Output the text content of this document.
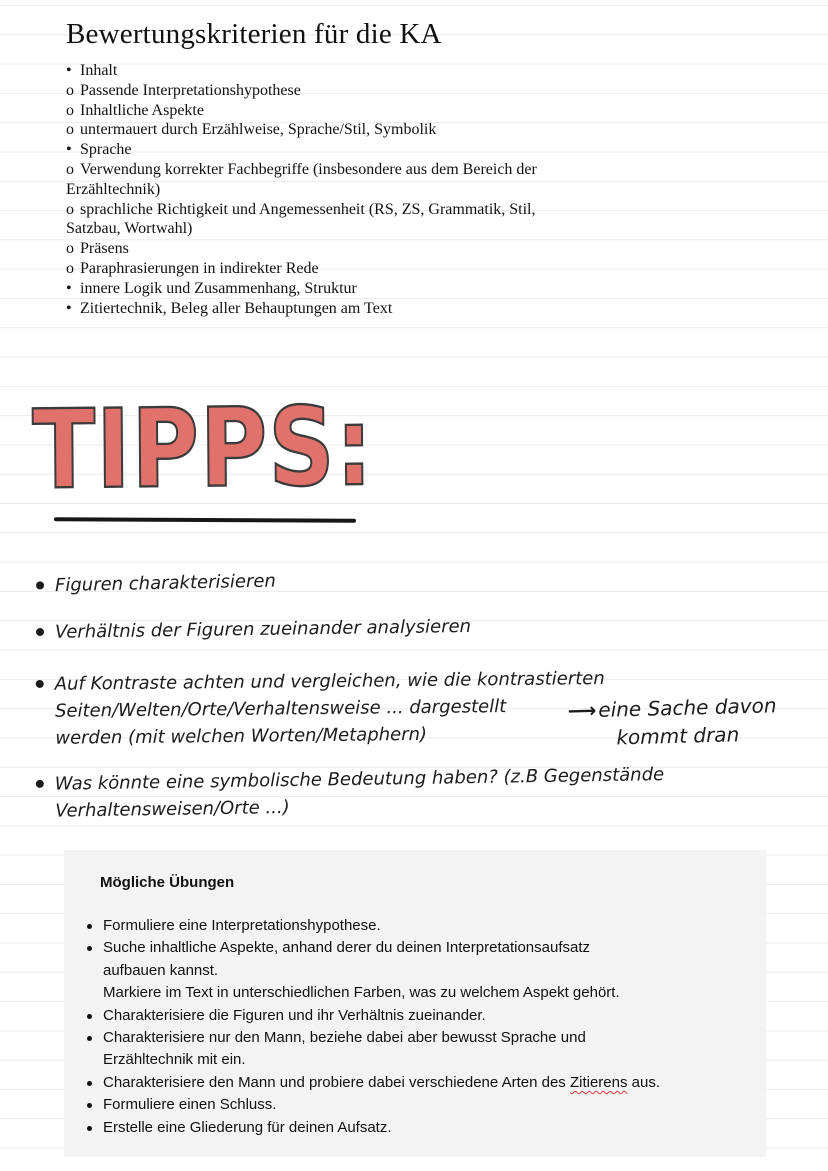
Bewertungskriterien für die KA
• Inhalt
o Passende Interpretationshypothese
o Inhaltliche Aspekte
o untermauert durch Erzählweise, Sprache/Stil, Symbolik
• Sprache
o Verwendung korrekter Fachbegriffe (insbesondere aus dem Bereich der
Erzähltechnik)
o sprachliche Richtigkeit und Angemessenheit (RS, ZS, Grammatik, Stil,
Satzbau, Wortwahl)
o Präsens
o Paraphrasierungen in indirekter Rede
• innere Logik und Zusammenhang, Struktur
• Zitiertechnik, Beleg aller Behauptungen am Text
TIPPS:
Figuren charakterisieren
Verhältnis der Figuren zueinander analysieren
Auf Kontraste achten und vergleichen, wie die kontrastierten
Seiten/Welten/Orte/Verhaltensweise ... dargestellt
werden (mit welchen Worten/Metaphern)
⟶eine Sache davon
kommt dran
Was könnte eine symbolische Bedeutung haben? (z.B Gegenstände
Verhaltensweisen/Orte ...)
Mögliche Übungen
Formuliere eine Interpretationshypothese.
Suche inhaltliche Aspekte, anhand derer du deinen Interpretationsaufsatz
aufbauen kannst.
Markiere im Text in unterschiedlichen Farben, was zu welchem Aspekt gehört.
Charakterisiere die Figuren und ihr Verhältnis zueinander.
Charakterisiere nur den Mann, beziehe dabei aber bewusst Sprache und
Erzähltechnik mit ein.
Charakterisiere den Mann und probiere dabei verschiedene Arten des Zitierens aus.
Formuliere einen Schluss.
Erstelle eine Gliederung für deinen Aufsatz.
